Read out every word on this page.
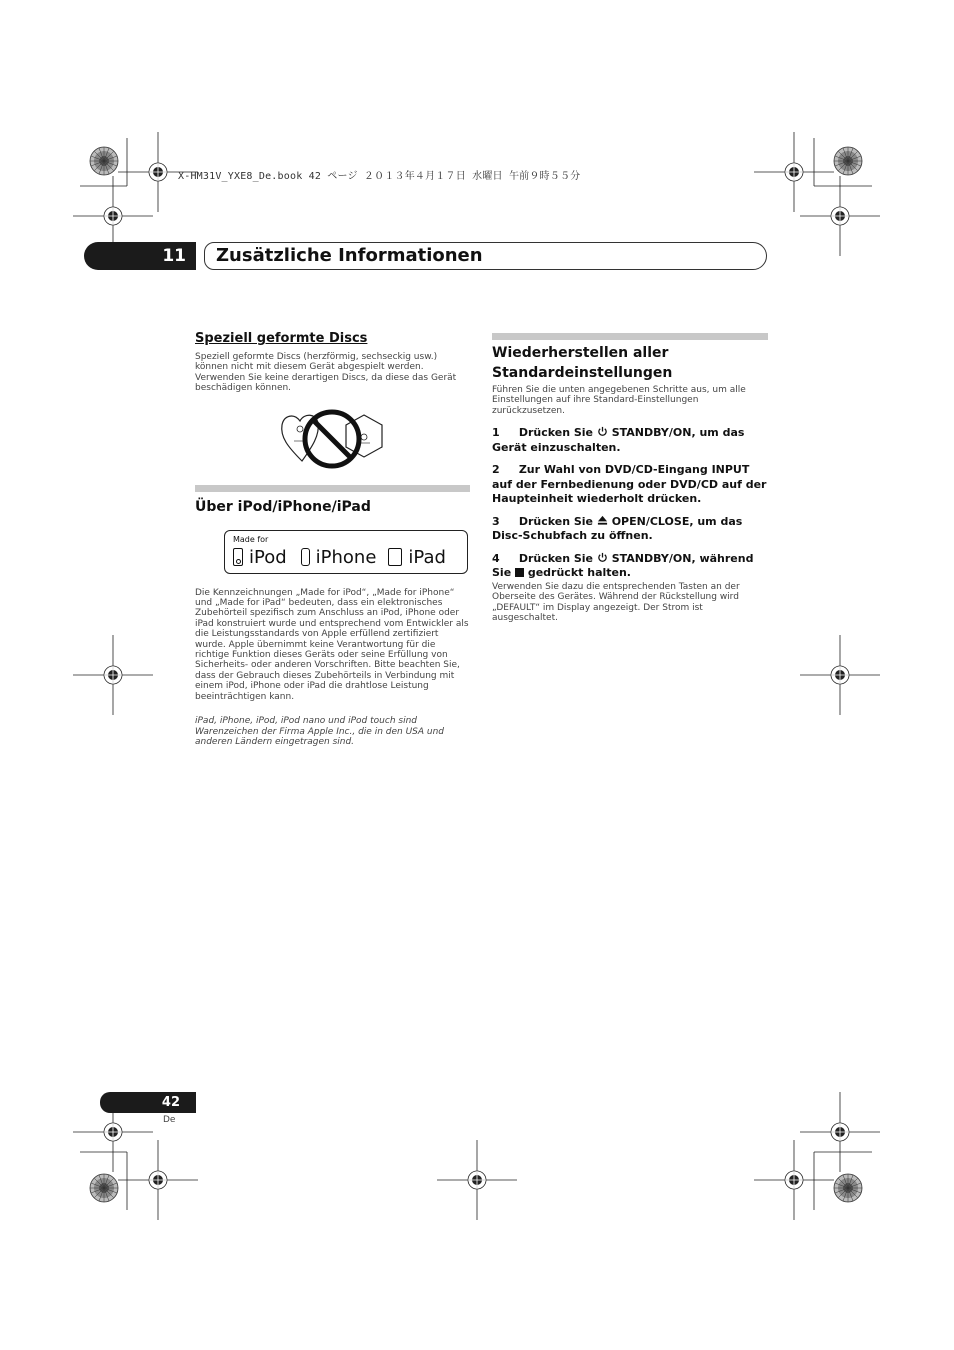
X-HM31V_YXE8_De.book 42 ページ ２０１３年４月１７日 水曜日 午前９時５５分
11	Zusätzliche Informationen
Speziell geformte Discs

Speziell geformte Discs (herzförmig, sechseckig usw.) können nicht mit diesem Gerät abgespielt werden. Verwenden Sie keine derartigen Discs, da diese das Gerät beschädigen können.

Über iPod/iPhone/iPad
Made for
iPod iPhone iPad

Die Kennzeichnungen „Made for iPod“, „Made for iPhone“ und „Made for iPad“ bedeuten, dass ein elektronisches Zubehörteil spezifisch zum Anschluss an iPod, iPhone oder iPad konstruiert wurde und entsprechend vom Entwickler als die Leistungsstandards von Apple erfüllend zertifiziert wurde. Apple übernimmt keine Verantwortung für die richtige Funktion dieses Geräts oder seine Erfüllung von Sicherheits- oder anderen Vorschriften. Bitte beachten Sie, dass der Gebrauch dieses Zubehörteils in Verbindung mit einem iPod, iPhone oder iPad die drahtlose Leistung beeinträchtigen kann.

iPad, iPhone, iPod, iPod nano und iPod touch sind Warenzeichen der Firma Apple Inc., die in den USA und anderen Ländern eingetragen sind.

Wiederherstellen aller Standardeinstellungen

Führen Sie die unten angegebenen Schritte aus, um alle Einstellungen auf ihre Standard-Einstellungen zurückzusetzen.

1 Drücken Sie STANDBY/ON, um das Gerät einzuschalten.

2 Zur Wahl von DVD/CD-Eingang INPUT auf der Fernbedienung oder DVD/CD auf der Haupteinheit wiederholt drücken.

3 Drücken Sie OPEN/CLOSE, um das Disc-Schubfach zu öffnen.

4 Drücken Sie STANDBY/ON, während Sie gedrückt halten.

Verwenden Sie dazu die entsprechenden Tasten an der Oberseite des Gerätes. Während der Rückstellung wird „DEFAULT“ im Display angezeigt. Der Strom ist ausgeschaltet.

42
De
